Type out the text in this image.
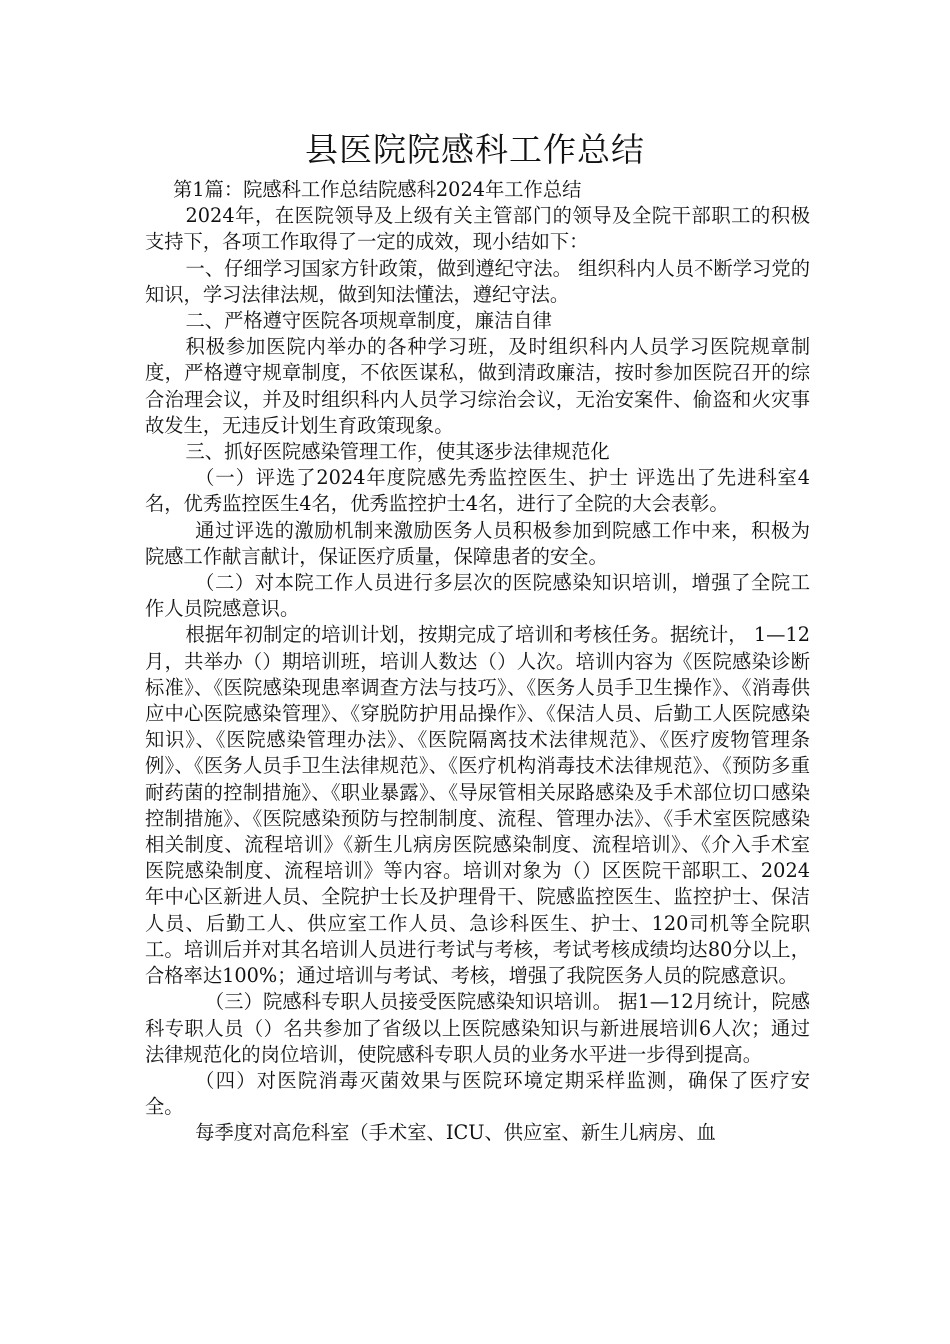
县医院院感科工作总结

第1篇：院感科工作总结院感科2024年工作总结

2024年，在医院领导及上级有关主管部门的领导及全院干部职工的积极支持下，各项工作取得了一定的成效，现小结如下：

一、仔细学习国家方针政策，做到遵纪守法。 组织科内人员不断学习党的知识，学习法律法规，做到知法懂法，遵纪守法。

二、严格遵守医院各项规章制度，廉洁自律

积极参加医院内举办的各种学习班，及时组织科内人员学习医院规章制度，严格遵守规章制度，不依医谋私，做到清政廉洁，按时参加医院召开的综合治理会议，并及时组织科内人员学习综治会议，无治安案件、偷盗和火灾事故发生，无违反计划生育政策现象。

三、抓好医院感染管理工作，使其逐步法律规范化

（一）评选了2024年度院感先秀监控医生、护士 评选出了先进科室4名，优秀监控医生4名，优秀监控护士4名，进行了全院的大会表彰。

通过评选的激励机制来激励医务人员积极参加到院感工作中来，积极为院感工作献言献计，保证医疗质量，保障患者的安全。

（二）对本院工作人员进行多层次的医院感染知识培训，增强了全院工作人员院感意识。

根据年初制定的培训计划，按期完成了培训和考核任务。据统计， 1—12月，共举办（）期培训班，培训人数达（）人次。培训内容为《医院感染诊断标准》、《医院感染现患率调查方法与技巧》、《医务人员手卫生操作》、《消毒供应中心医院感染管理》、《穿脱防护用品操作》、《保洁人员、后勤工人医院感染知识》、《医院感染管理办法》、《医院隔离技术法律规范》、《医疗废物管理条例》、《医务人员手卫生法律规范》、《医疗机构消毒技术法律规范》、《预防多重耐药菌的控制措施》、《职业暴露》、《导尿管相关尿路感染及手术部位切口感染控制措施》、《医院感染预防与控制制度、流程、管理办法》、《手术室医院感染相关制度、流程培训》《新生儿病房医院感染制度、流程培训》、《介入手术室医院感染制度、流程培训》等内容。培训对象为（）区医院干部职工、2024年中心区新进人员、全院护士长及护理骨干、院感监控医生、监控护士、保洁人员、后勤工人、供应室工作人员、急诊科医生、护士、120司机等全院职工。培训后并对其名培训人员进行考试与考核，考试考核成绩均达80分以上，合格率达100%；通过培训与考试、考核，增强了我院医务人员的院感意识。

（三）院感科专职人员接受医院感染知识培训。 据1—12月统计，院感科专职人员（）名共参加了省级以上医院感染知识与新进展培训6人次；通过法律规范化的岗位培训，使院感科专职人员的业务水平进一步得到提高。

（四）对医院消毒灭菌效果与医院环境定期采样监测，确保了医疗安全。

每季度对高危科室（手术室、ICU、供应室、新生儿病房、血
